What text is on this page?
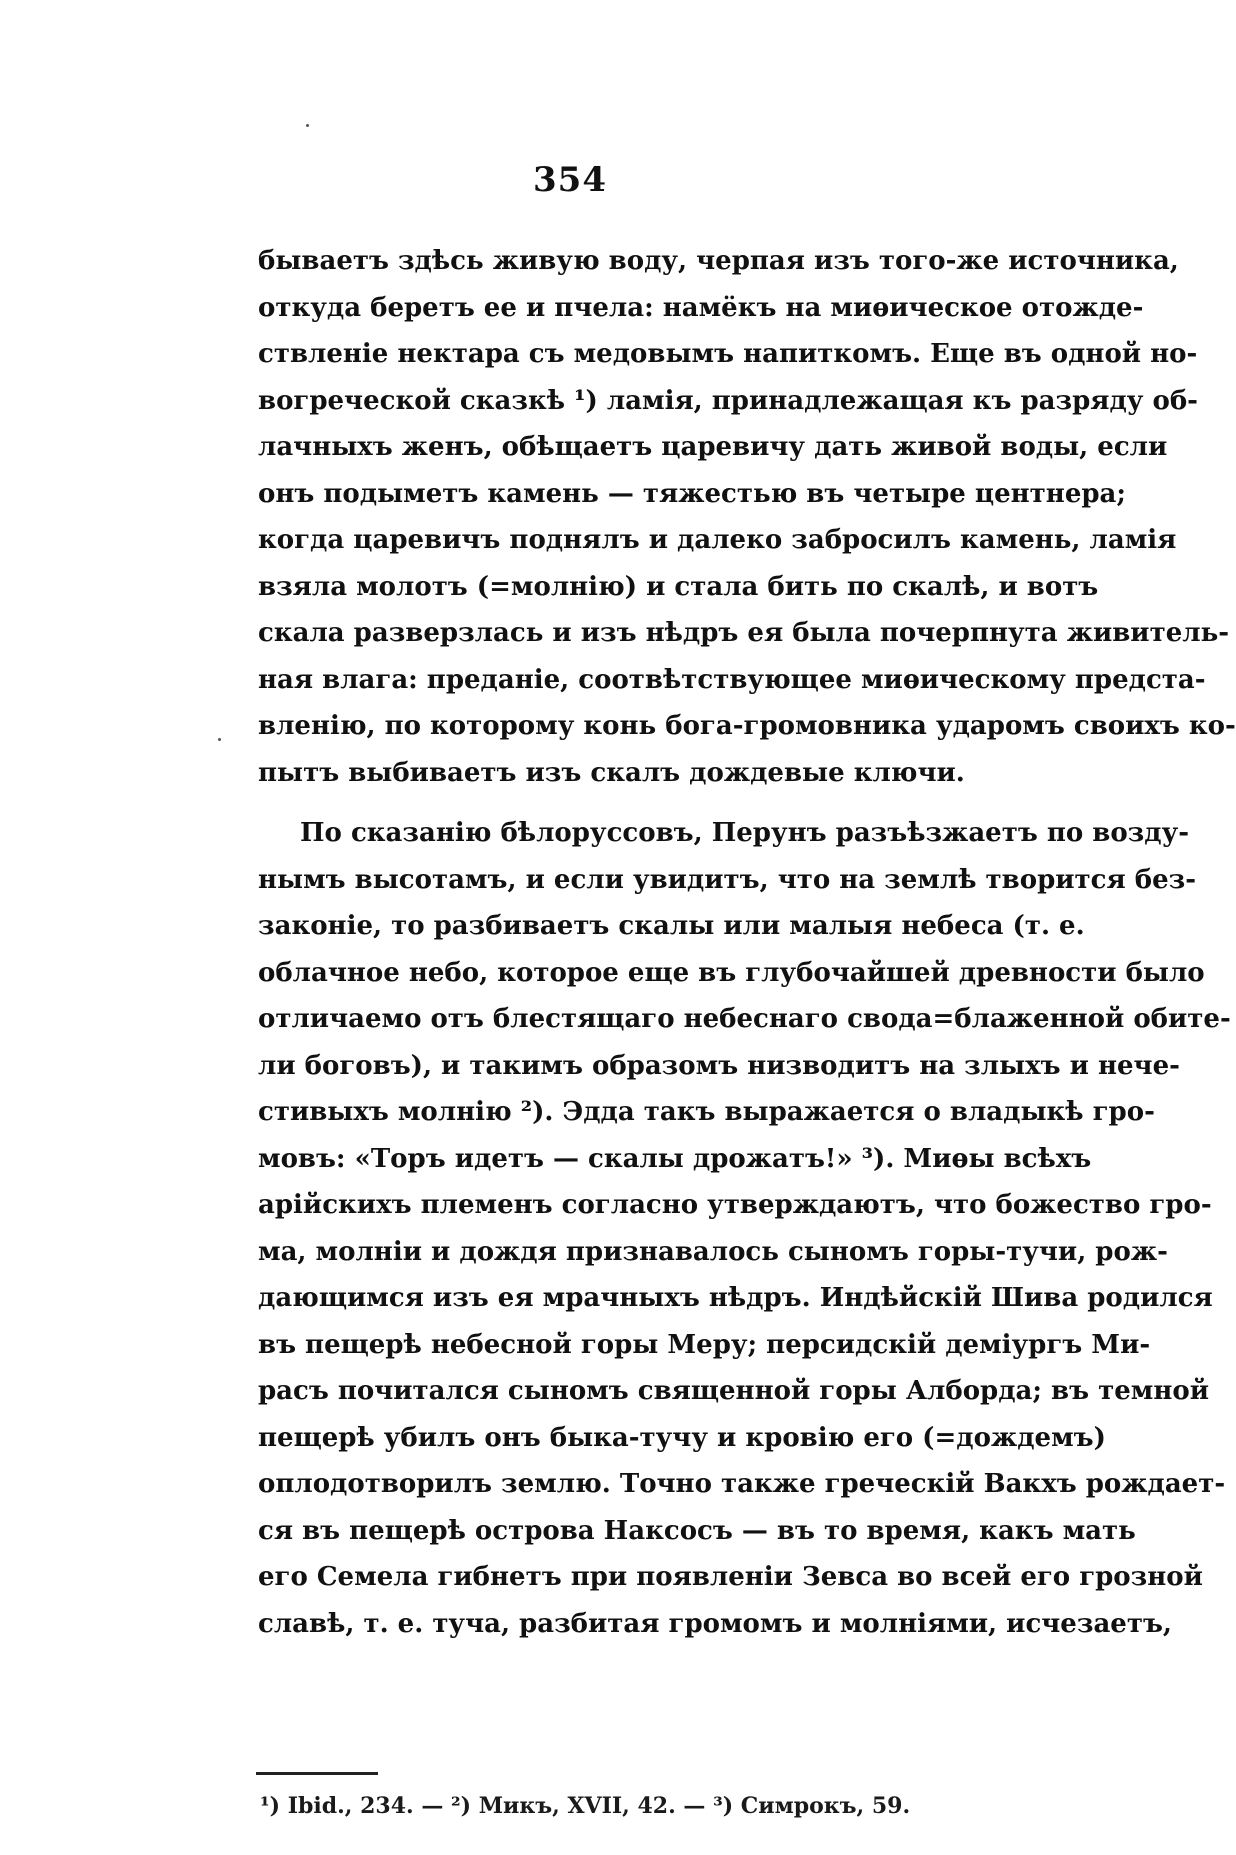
354
бываетъ здѣсь живую воду, черпая изъ того-же источника,
откуда беретъ ее и пчела: намёкъ на миѳическое отожде-
ствленіе нектара съ медовымъ напиткомъ. Еще въ одной но-
вогреческой сказкѣ ¹) ламія, принадлежащая къ разряду об-
лачныхъ женъ, обѣщаетъ царевичу дать живой воды, если
онъ подыметъ камень — тяжестью въ четыре центнера;
когда царевичъ поднялъ и далеко забросилъ камень, ламія
взяла молотъ (=молнію) и стала бить по скалѣ, и вотъ
скала разверзлась и изъ нѣдръ ея была почерпнута живитель-
ная влага: преданіе, соотвѣтствующее миѳическому предста-
вленію, по которому конь бога-громовника ударомъ своихъ ко-
пытъ выбиваетъ изъ скалъ дождевые ключи.
По сказанію бѣлоруссовъ, Перунъ разъѣзжаетъ по возду-
нымъ высотамъ, и если увидитъ, что на землѣ творится без-
законіе, то разбиваетъ скалы или малыя небеса (т. е.
облачное небо, которое еще въ глубочайшей древности было
отличаемо отъ блестящаго небеснаго свода=блаженной обите-
ли боговъ), и такимъ образомъ низводитъ на злыхъ и нече-
стивыхъ молнію ²). Эдда такъ выражается о владыкѣ гро-
мовъ: «Торъ идетъ — скалы дрожатъ!» ³). Миѳы всѣхъ
арійскихъ племенъ согласно утверждаютъ, что божество гро-
ма, молніи и дождя признавалось сыномъ горы-тучи, рож-
дающимся изъ ея мрачныхъ нѣдръ. Индѣйскій Шива родился
въ пещерѣ небесной горы Меру; персидскій деміургъ Ми-
расъ почитался сыномъ священной горы Алборда; въ темной
пещерѣ убилъ онъ быка-тучу и кровію его (=дождемъ)
оплодотворилъ землю. Точно также греческій Вакхъ рождает-
ся въ пещерѣ острова Наксосъ — въ то время, какъ мать
его Семела гибнетъ при появленіи Зевса во всей его грозной
славѣ, т. е. туча, разбитая громомъ и молніями, исчезаетъ,
¹) Ibid., 234. — ²) Микъ, XVII, 42. — ³) Симрокъ, 59.
